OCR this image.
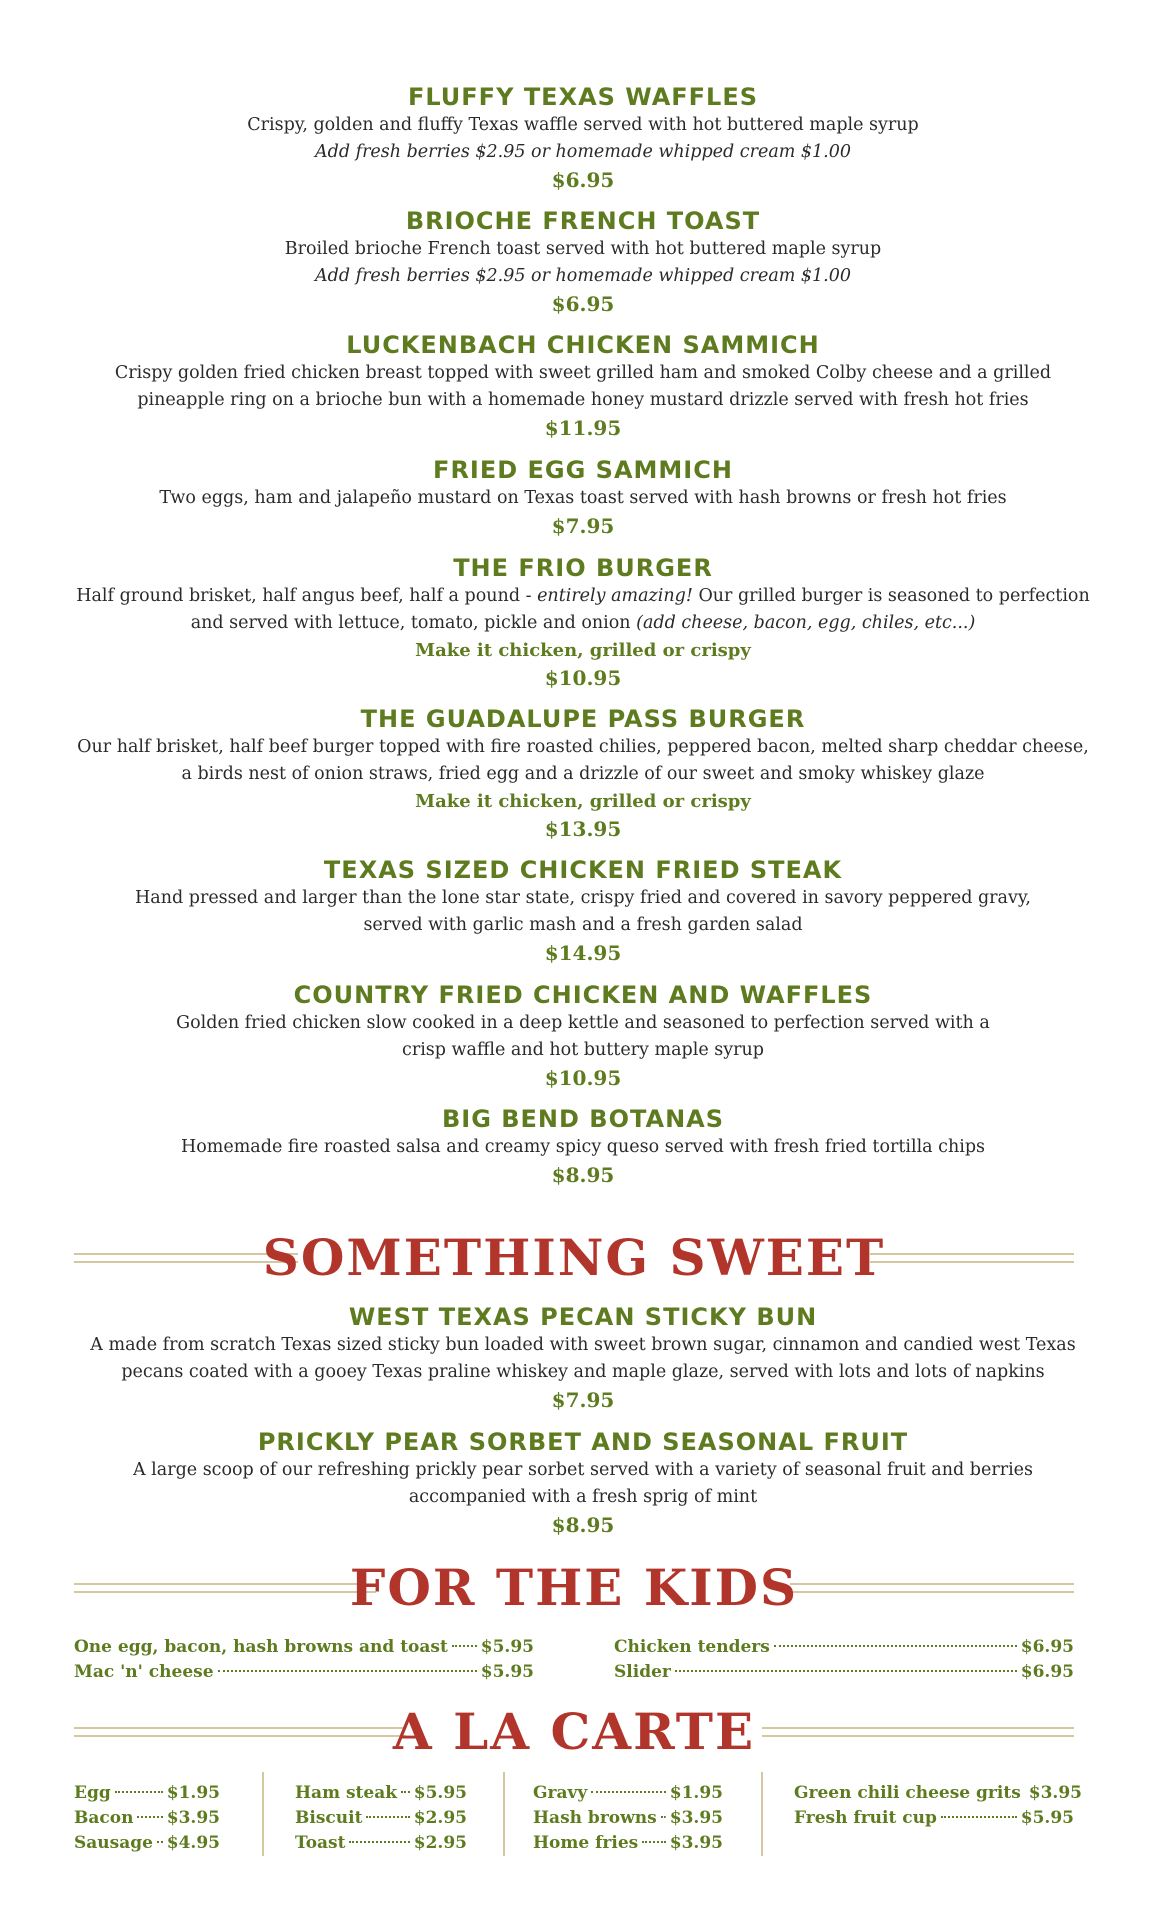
FLUFFY TEXAS WAFFLES
Crispy, golden and fluffy Texas waffle served with hot buttered maple syrup
Add fresh berries $2.95 or homemade whipped cream $1.00
$6.95
BRIOCHE FRENCH TOAST
Broiled brioche French toast served with hot buttered maple syrup
Add fresh berries $2.95 or homemade whipped cream $1.00
$6.95
LUCKENBACH CHICKEN SAMMICH
Crispy golden fried chicken breast topped with sweet grilled ham and smoked Colby cheese and a grilled
pineapple ring on a brioche bun with a homemade honey mustard drizzle served with fresh hot fries
$11.95
FRIED EGG SAMMICH
Two eggs, ham and jalapeño mustard on Texas toast served with hash browns or fresh hot fries
$7.95
THE FRIO BURGER
Half ground brisket, half angus beef, half a pound - entirely amazing! Our grilled burger is seasoned to perfection
and served with lettuce, tomato, pickle and onion (add cheese, bacon, egg, chiles, etc...)
Make it chicken, grilled or crispy
$10.95
THE GUADALUPE PASS BURGER
Our half brisket, half beef burger topped with fire roasted chilies, peppered bacon, melted sharp cheddar cheese,
a birds nest of onion straws, fried egg and a drizzle of our sweet and smoky whiskey glaze
Make it chicken, grilled or crispy
$13.95
TEXAS SIZED CHICKEN FRIED STEAK
Hand pressed and larger than the lone star state, crispy fried and covered in savory peppered gravy,
served with garlic mash and a fresh garden salad
$14.95
COUNTRY FRIED CHICKEN AND WAFFLES
Golden fried chicken slow cooked in a deep kettle and seasoned to perfection served with a
crisp waffle and hot buttery maple syrup
$10.95
BIG BEND BOTANAS
Homemade fire roasted salsa and creamy spicy queso served with fresh fried tortilla chips
$8.95
SOMETHING SWEET
WEST TEXAS PECAN STICKY BUN
A made from scratch Texas sized sticky bun loaded with sweet brown sugar, cinnamon and candied west Texas
pecans coated with a gooey Texas praline whiskey and maple glaze, served with lots and lots of napkins
$7.95
PRICKLY PEAR SORBET AND SEASONAL FRUIT
A large scoop of our refreshing prickly pear sorbet served with a variety of seasonal fruit and berries
accompanied with a fresh sprig of mint
$8.95
FOR THE KIDS
One egg, bacon, hash browns and toast $5.95
Mac 'n' cheese	$5.95
Chicken tenders	$6.95
Slider	$6.95
A LA CARTE
Egg	$1.95
Bacon $3.95
Sausage $4.95
Ham steak $5.95
Biscuit	$2.95
Toast	$2.95
Gravy	$1.95
Hash browns $3.95
Home fries $3.95
Green chili cheese grits $3.95
Fresh fruit cup	$5.95
